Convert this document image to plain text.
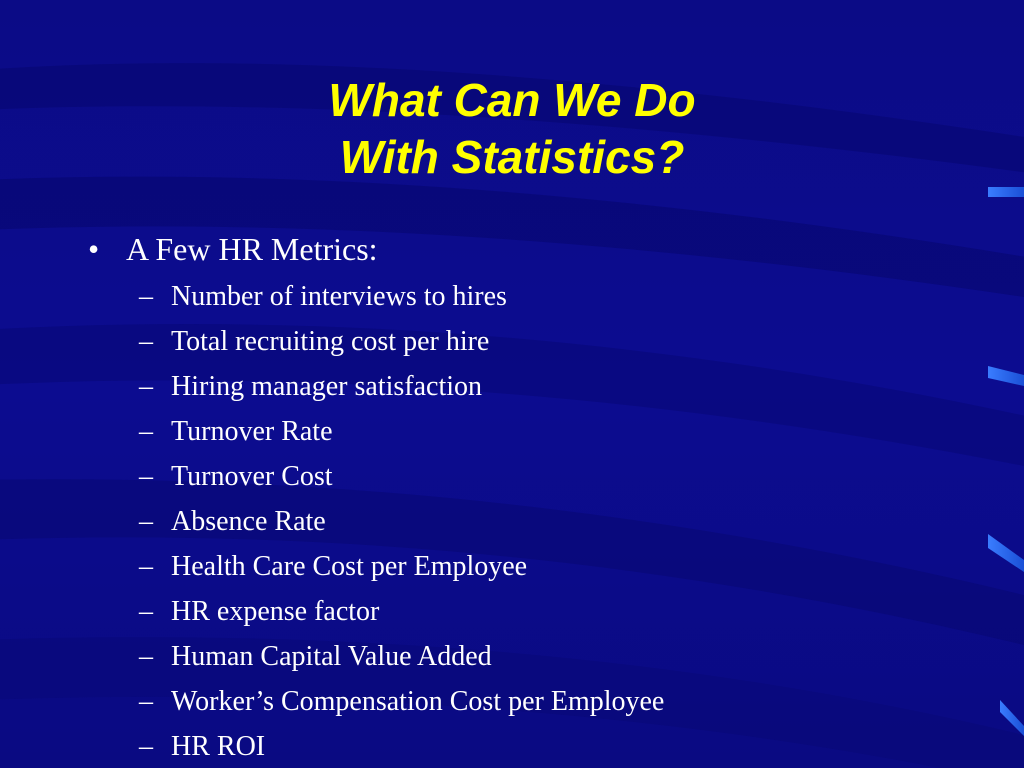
What Can We Do
With Statistics?
• A Few HR Metrics:
– Number of interviews to hires
– Total recruiting cost per hire
– Hiring manager satisfaction
– Turnover Rate
– Turnover Cost
– Absence Rate
– Health Care Cost per Employee
– HR expense factor
– Human Capital Value Added
– Worker’s Compensation Cost per Employee
– HR ROI
